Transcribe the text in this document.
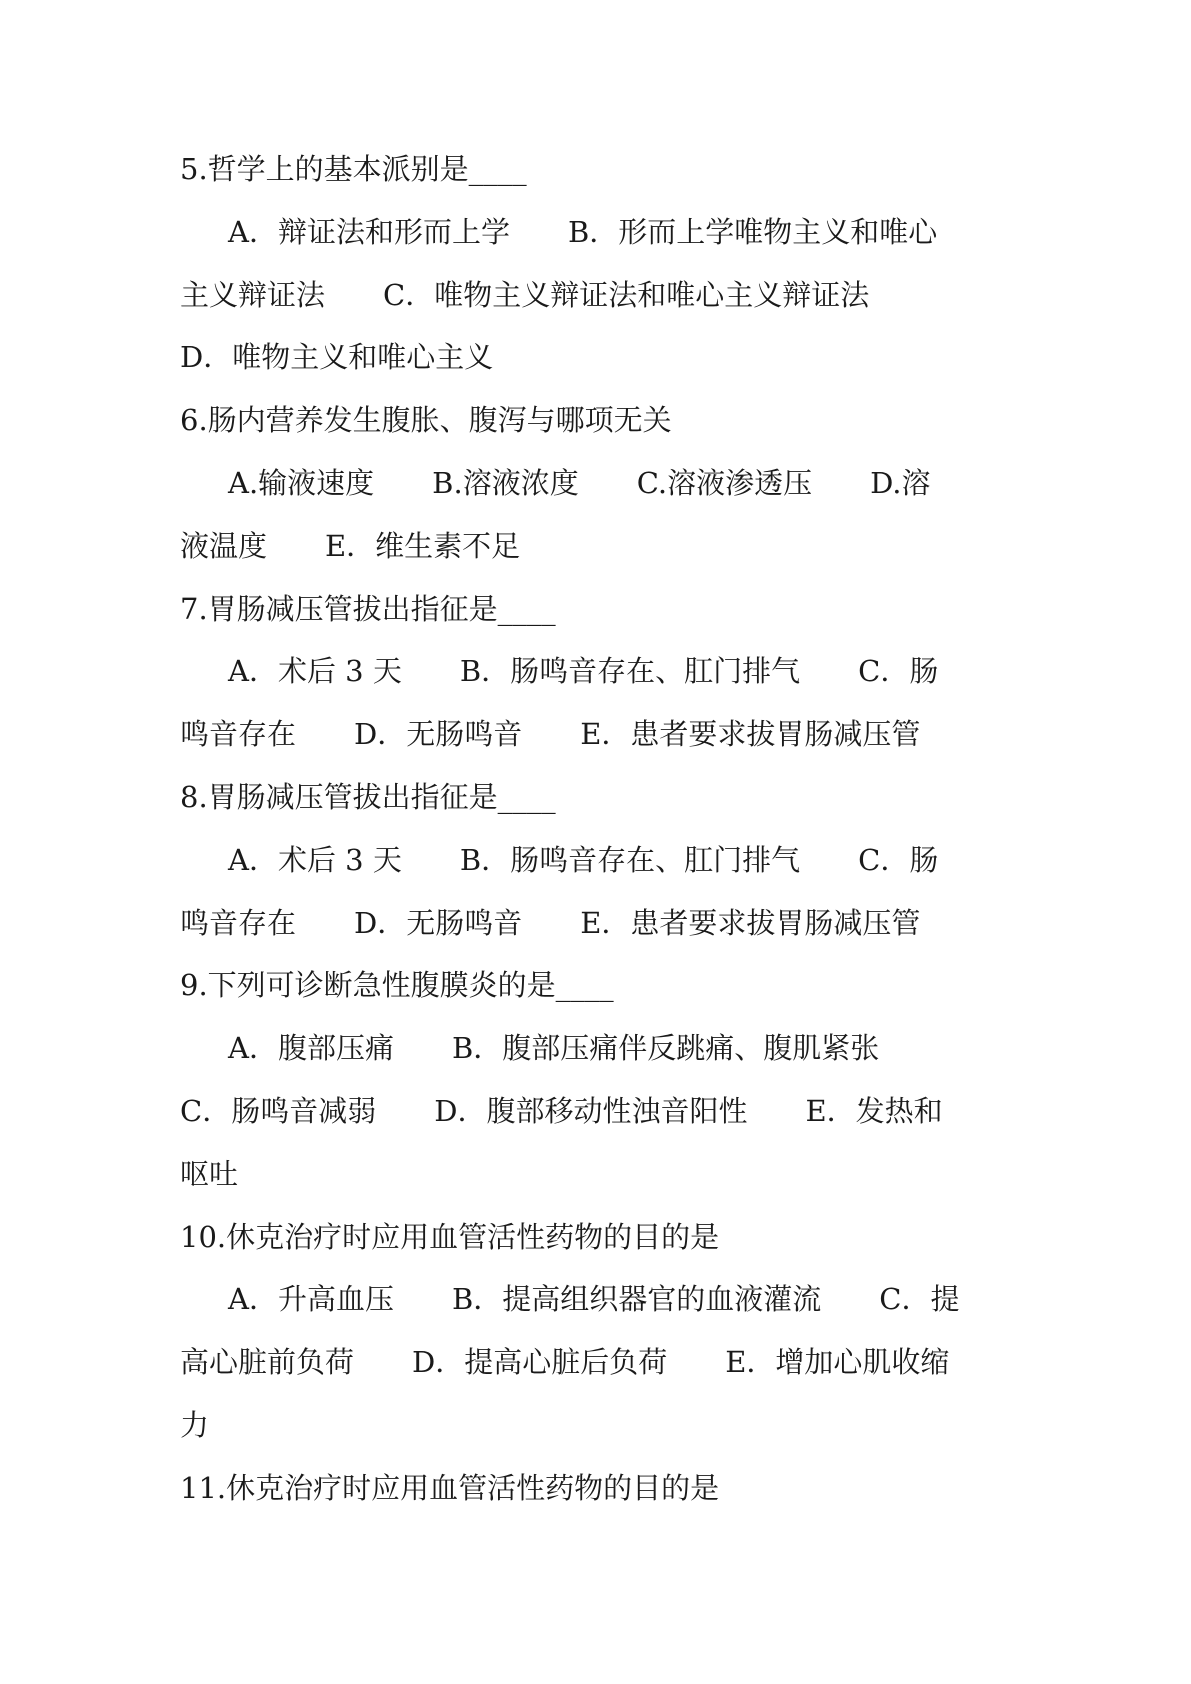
5.哲学上的基本派别是____
A．辩证法和形而上学　　B．形而上学唯物主义和唯心
主义辩证法　　C．唯物主义辩证法和唯心主义辩证法
D．唯物主义和唯心主义
6.肠内营养发生腹胀、腹泻与哪项无关
A.输液速度　　B.溶液浓度　　C.溶液渗透压　　D.溶
液温度　　E．维生素不足
7.胃肠减压管拔出指征是____
A．术后 3 天　　B．肠鸣音存在、肛门排气　　C．肠
鸣音存在　　D．无肠鸣音　　E．患者要求拔胃肠减压管
8.胃肠减压管拔出指征是____
A．术后 3 天　　B．肠鸣音存在、肛门排气　　C．肠
鸣音存在　　D．无肠鸣音　　E．患者要求拔胃肠减压管
9.下列可诊断急性腹膜炎的是____
A．腹部压痛　　B．腹部压痛伴反跳痛、腹肌紧张
C．肠鸣音减弱　　D．腹部移动性浊音阳性　　E．发热和
呕吐
10.休克治疗时应用血管活性药物的目的是
A．升高血压　　B．提高组织器官的血液灌流　　C．提
高心脏前负荷　　D．提高心脏后负荷　　E．增加心肌收缩
力
11.休克治疗时应用血管活性药物的目的是
